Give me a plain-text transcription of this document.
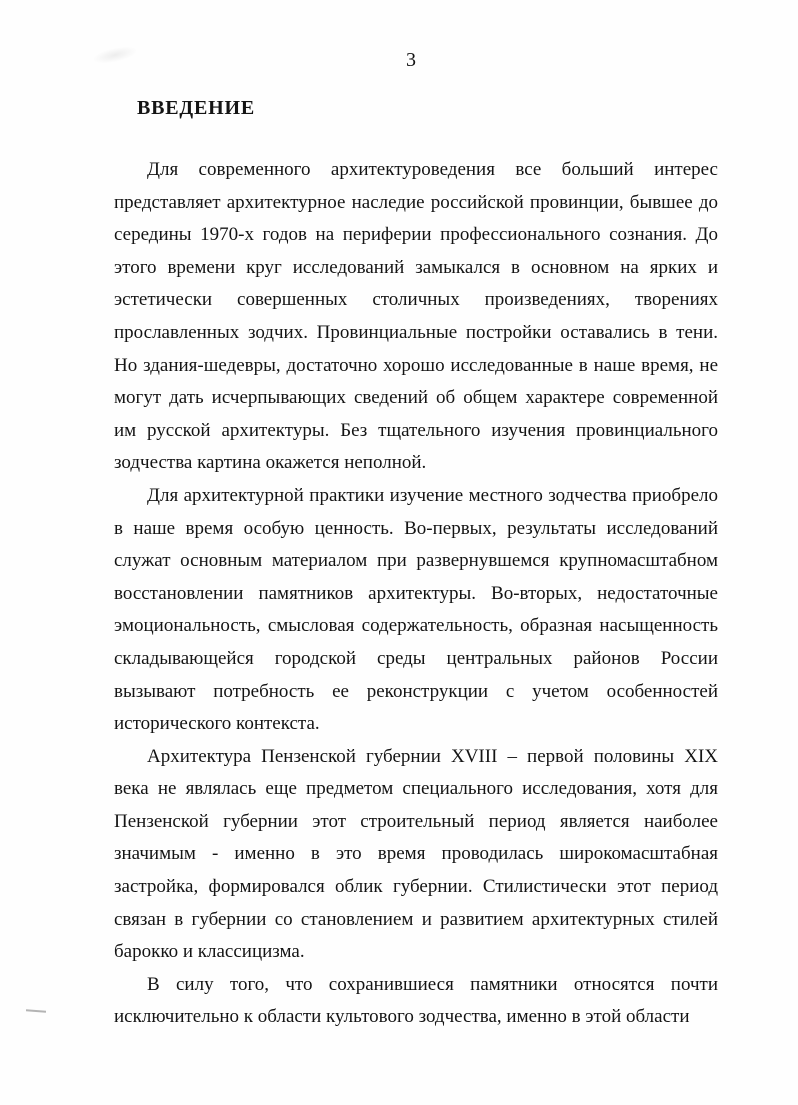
3
ВВЕДЕНИЕ

Для современного архитектуроведения все больший интерес представляет архитектурное наследие российской провинции, бывшее до середины 1970-х годов на периферии профессионального сознания. До этого времени круг исследований замыкался в основном на ярких и эстетически совершенных столичных произведениях, творениях прославленных зодчих. Провинциальные постройки оставались в тени. Но здания-шедевры, достаточно хорошо исследованные в наше время, не могут дать исчерпывающих сведений об общем характере современной им русской архитектуры. Без тщательного изучения провинциального зодчества картина окажется неполной.

Для архитектурной практики изучение местного зодчества приобрело в наше время особую ценность. Во-первых, результаты исследований служат основным материалом при развернувшемся крупномасштабном восстановлении памятников архитектуры. Во-вторых, недостаточные эмоциональность, смысловая содержательность, образная насыщенность складывающейся городской среды центральных районов России вызывают потребность ее реконструкции с учетом особенностей исторического контекста.

Архитектура Пензенской губернии XVIII – первой половины XIX века не являлась еще предметом специального исследования, хотя для Пензенской губернии этот строительный период является наиболее значимым - именно в это время проводилась широкомасштабная застройка, формировался облик губернии. Стилистически этот период связан в губернии со становлением и развитием архитектурных стилей барокко и классицизма.

В силу того, что сохранившиеся памятники относятся почти исключительно к области культового зодчества, именно в этой области
